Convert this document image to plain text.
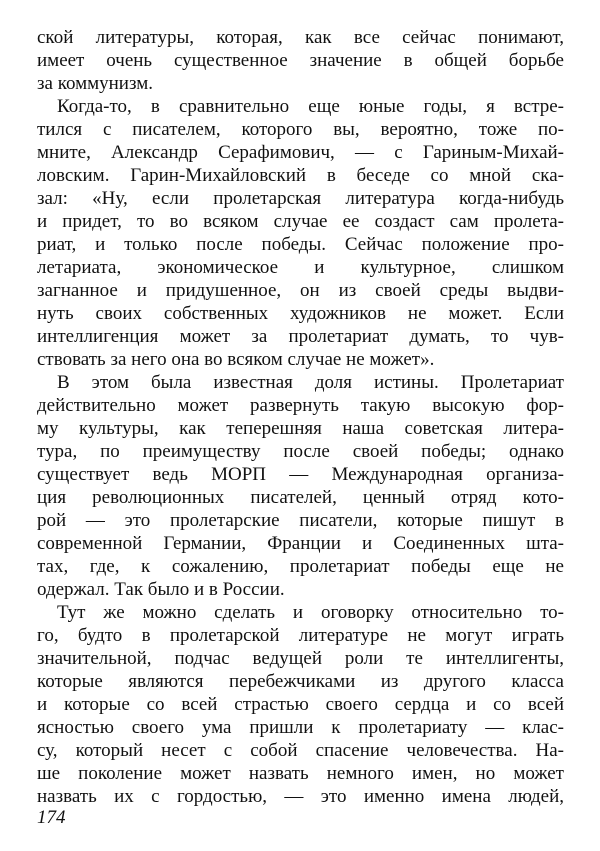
ской литературы, которая, как все сейчас понимают,
имеет очень существенное значение в общей борьбе
за коммунизм.
Когда-то, в сравнительно еще юные годы, я встре-
тился с писателем, которого вы, вероятно, тоже по-
мните, Александр Серафимович, — с Гариным-Михай-
ловским. Гарин-Михайловский в беседе со мной ска-
зал: «Ну, если пролетарская литература когда-нибудь
и придет, то во всяком случае ее создаст сам пролета-
риат, и только после победы. Сейчас положение про-
летариата, экономическое и культурное, слишком
загнанное и придушенное, он из своей среды выдви-
нуть своих собственных художников не может. Если
интеллигенция может за пролетариат думать, то чув-
ствовать за него она во всяком случае не может».
В этом была известная доля истины. Пролетариат
действительно может развернуть такую высокую фор-
му культуры, как теперешняя наша советская литера-
тура, по преимуществу после своей победы; однако
существует ведь МОРП — Международная организа-
ция революционных писателей, ценный отряд кото-
рой — это пролетарские писатели, которые пишут в
современной Германии, Франции и Соединенных шта-
тах, где, к сожалению, пролетариат победы еще не
одержал. Так было и в России.
Тут же можно сделать и оговорку относительно то-
го, будто в пролетарской литературе не могут играть
значительной, подчас ведущей роли те интеллигенты,
которые являются перебежчиками из другого класса
и которые со всей страстью своего сердца и со всей
ясностью своего ума пришли к пролетариату — клас-
су, который несет с собой спасение человечества. На-
ше поколение может назвать немного имен, но может
назвать их с гордостью, — это именно имена людей,
174
